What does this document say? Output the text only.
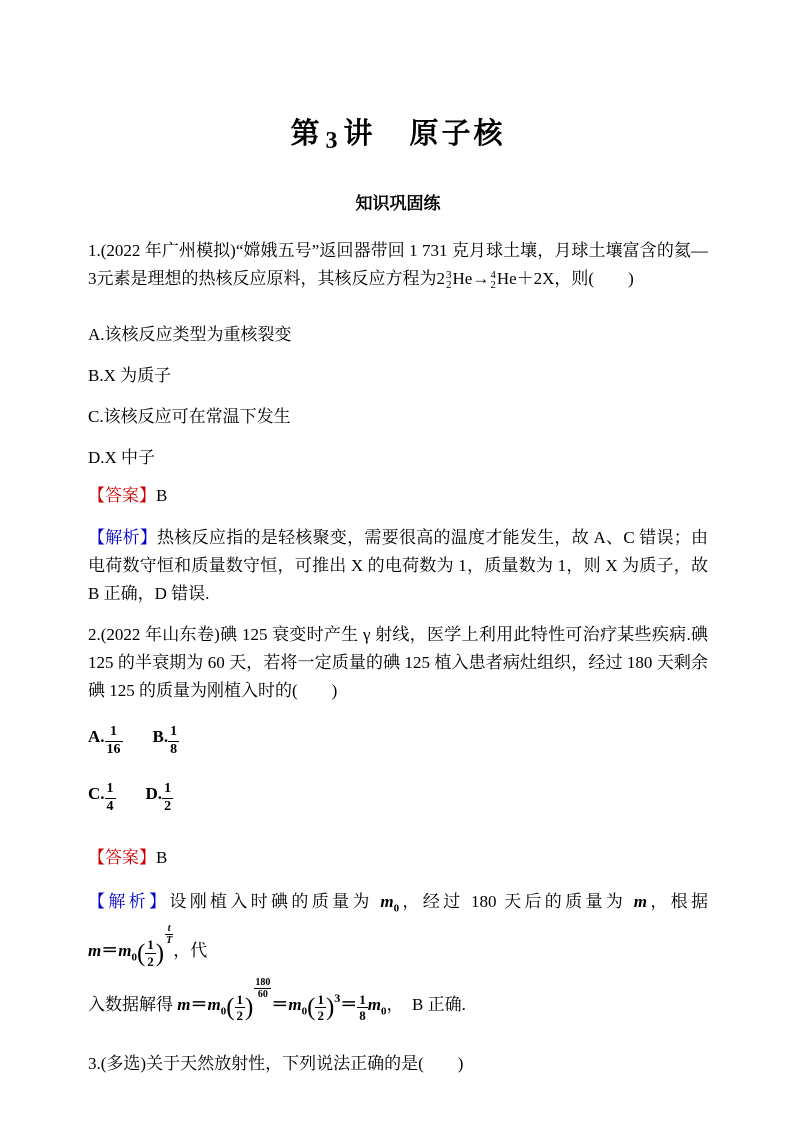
第 3 讲 原子核
知识巩固练

1.(2022 年广州模拟)“嫦娥五号”返回器带回 1 731 克月球土壤，月球土壤富含的氦—3元素是理想的热核反应原料，其核反应方程为2 3
2 He→ 4
2 He＋2X，则(　　)

A.该核反应类型为重核裂变

B.X 为质子

C.该核反应可在常温下发生

D.X 中子

【答案】B

【解析】热核反应指的是轻核聚变，需要很高的温度才能发生，故 A、C 错误；由电荷数守恒和质量数守恒，可推出 X 的电荷数为 1，质量数为 1，则 X 为质子，故 B 正确，D 错误.

2.(2022 年山东卷)碘 125 衰变时产生 γ 射线，医学上利用此特性可治疗某些疾病.碘 125 的半衰期为 60 天，若将一定质量的碘 125 植入患者病灶组织，经过 180 天剩余碘 125 的质量为刚植入时的(　　)

A. $\frac{1}{16} B$. $\frac{1}{8}$

C. $\frac{1}{4} D$. $\frac{1}{2}$

【答案】B

【解析】设刚植入时碘的质量为 $m_0$，经过 180 天后的质量为 m，根据 $m=m_0( \frac{1}{2}$ )
$\frac{t}{T}$
，代
入数据解得 $m=m_0( \frac{1}{2}$ )
$\frac{180}{60}$
$=m_0( \frac{1}{2} )^3= \frac{1}{8} m_0$，　B 正确.

3.(多选)关于天然放射性，下列说法正确的是(　　)
